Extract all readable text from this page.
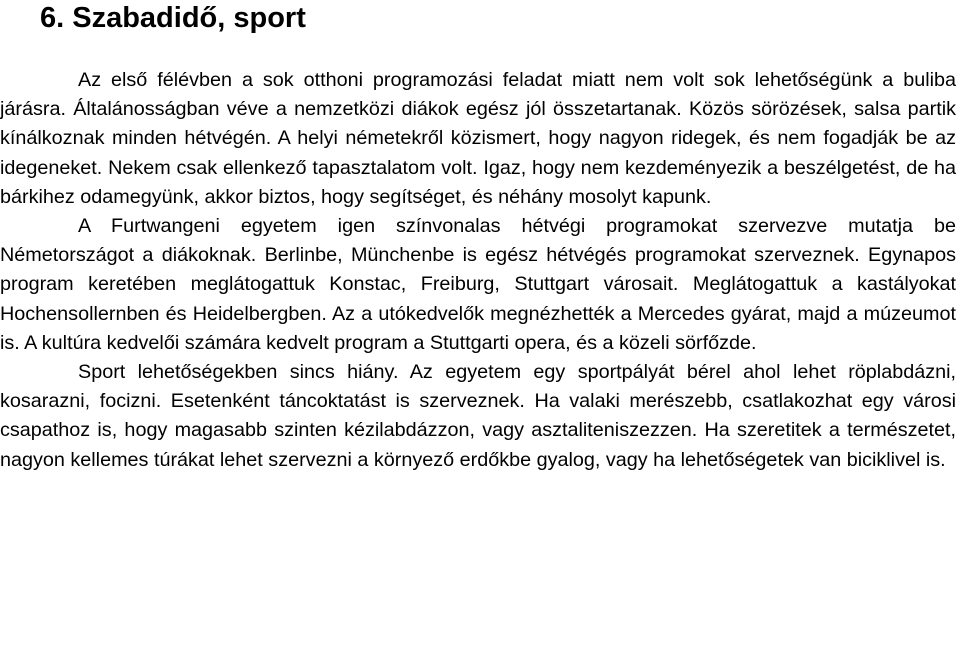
6. Szabadidő, sport

Az első félévben a sok otthoni programozási feladat miatt nem volt sok lehetőségünk a buliba járásra. Általánosságban véve a nemzetközi diákok egész jól összetartanak. Közös sörözések, salsa partik kínálkoznak minden hétvégén. A helyi németekről közismert, hogy nagyon ridegek, és nem fogadják be az idegeneket. Nekem csak ellenkező tapasztalatom volt. Igaz, hogy nem kezdeményezik a beszélgetést, de ha bárkihez odamegyünk, akkor biztos, hogy segítséget, és néhány mosolyt kapunk.

A Furtwangeni egyetem igen színvonalas hétvégi programokat szervezve mutatja be Németországot a diákoknak. Berlinbe, Münchenbe is egész hétvégés programokat szerveznek. Egynapos program keretében meglátogattuk Konstac, Freiburg, Stuttgart városait. Meglátogattuk a kastályokat Hochensollernben és Heidelbergben. Az a utókedvelők megnézhették a Mercedes gyárat, majd a múzeumot is. A kultúra kedvelői számára kedvelt program a Stuttgarti opera, és a közeli sörfőzde.

Sport lehetőségekben sincs hiány. Az egyetem egy sportpályát bérel ahol lehet röplabdázni, kosarazni, focizni. Esetenként táncoktatást is szerveznek. Ha valaki merészebb, csatlakozhat egy városi csapathoz is, hogy magasabb szinten kézilabdázzon, vagy asztaliteniszezzen. Ha szeretitek a természetet, nagyon kellemes túrákat lehet szervezni a környező erdőkbe gyalog, vagy ha lehetőségetek van biciklivel is.
